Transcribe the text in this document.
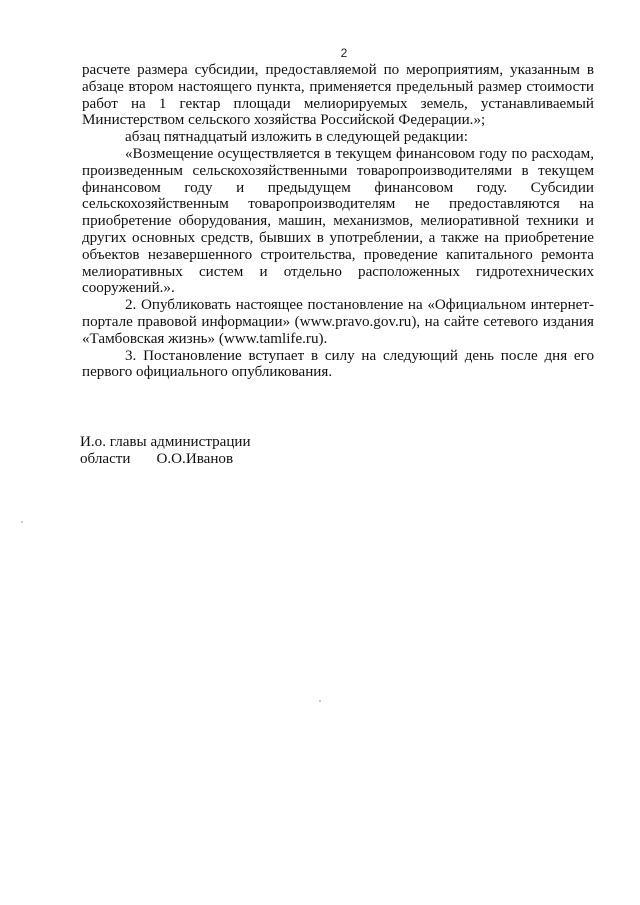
2

расчете размера субсидии, предоставляемой по мероприятиям, указанным в абзаце втором настоящего пункта, применяется предельный размер стоимости работ на 1 гектар площади мелиорируемых земель, устанавливаемый Министерством сельского хозяйства Российской Федерации.»;

абзац пятнадцатый изложить в следующей редакции:

«Возмещение осуществляется в текущем финансовом году по расходам, произведенным сельскохозяйственными товаропроизводителями в текущем финансовом году и предыдущем финансовом году. Субсидии сельскохозяйственным товаропроизводителям не предоставляются на приобретение оборудования, машин, механизмов, мелиоративной техники и других основных средств, бывших в употреблении, а также на приобретение объектов незавершенного строительства, проведение капитального ремонта мелиоративных систем и отдельно расположенных гидротехнических сооружений.».

2. Опубликовать настоящее постановление на «Официальном интернет-портале правовой информации» (www.pravo.gov.ru), на сайте сетевого издания «Тамбовская жизнь» (www.tamlife.ru).

3. Постановление вступает в силу на следующий день после дня его первого официального опубликования.

И.о. главы администрации
области О.О.Иванов
